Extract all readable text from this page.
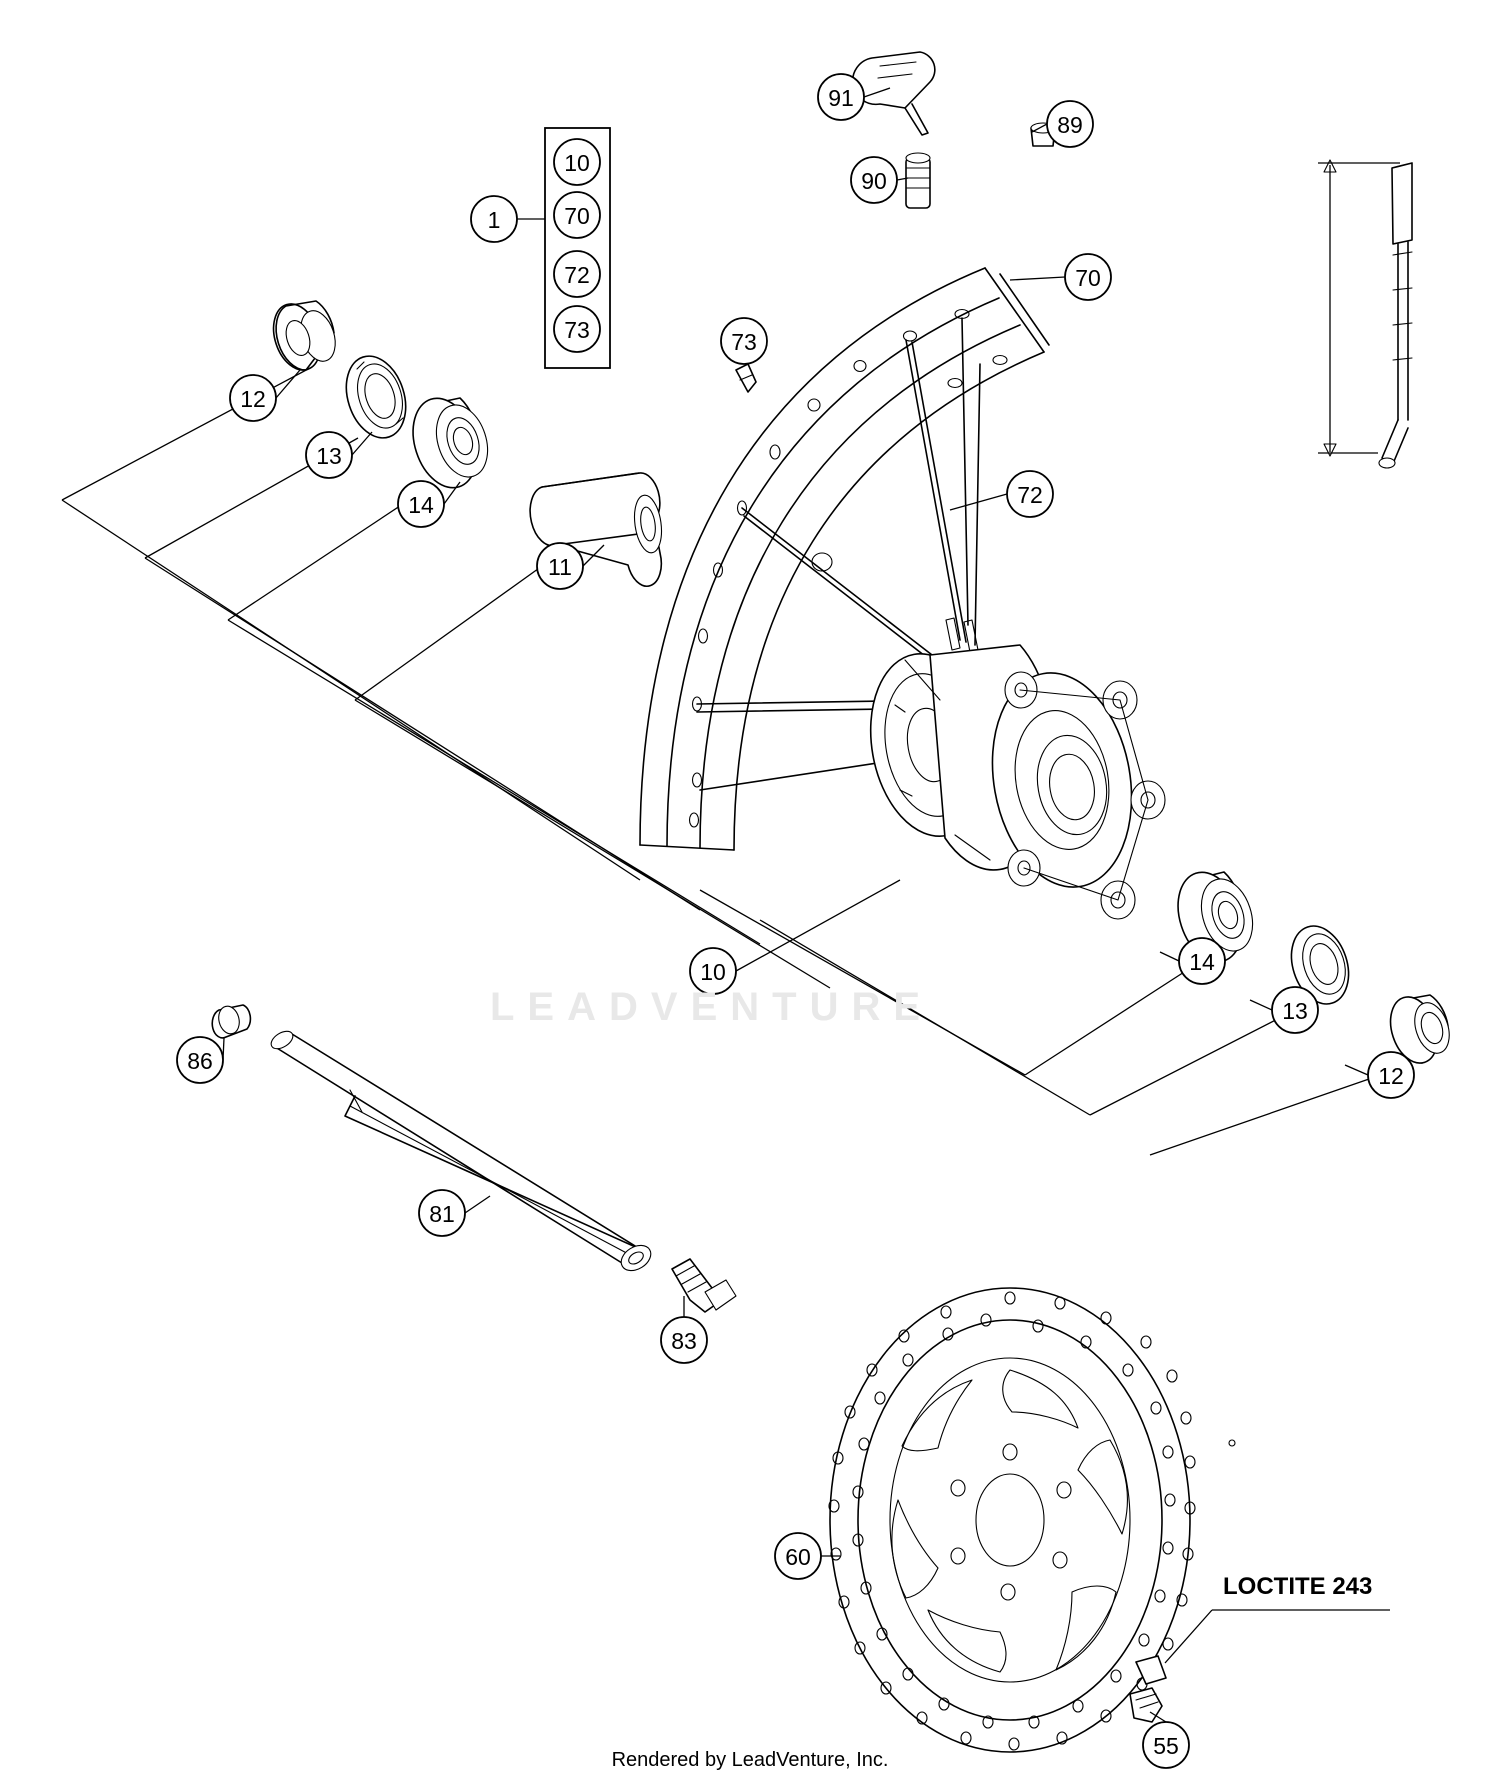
1
10
70
72
73
12
13
14
11
73
70
72
91
90
89
10	14
13
12
86
81
83
60
55
LOCTITE 243
LEADVENTURE
Rendered by LeadVenture, Inc.
